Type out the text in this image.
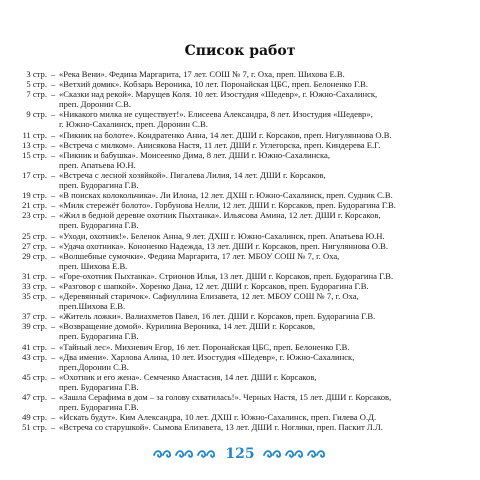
Список работ
3 стр. – «Река Вени». Федина Маргарита, 17 лет. СОШ № 7, г. Оха, преп. Шихова Е.В.
5 стр. – «Ветхий домик». Кобзарь Вероника, 10 лет. Поронайская ЦБС, преп. Белоненко Г.В.
7 стр. – «Сказки над рекой». Марущев Коля. 10 лет. Изостудия «Шедевр», г. Южно-Сахалинск,
преп. Доронин С.В.
9 стр. – «Никакого милка не существует!». Елисеева Александра, 8 лет. Изостудия «Шедевр»,
г. Южно-Сахалинск, преп. Доронин С.В.
11 стр. – «Пикник на болоте». Кондратенко Анна, 14 лет. ДШИ г. Корсаков, преп. Нигуляннова О.В.
13 стр. – «Встреча с милком». Анисякова Настя, 11 лет. ДШИ г. Углегорска, преп. Киндерева Е.Г.
15 стр. – «Пикник и бабушка». Моисеенко Дима, 8 лет. ДШИ г. Южно-Сахалинска,
преп. Апатьева Ю.Н.
17 стр. – «Встреча с лесной хозяйкой». Пигалева Лилия, 14 лет. ДШИ г. Корсаков,
преп. Будорагина Г.В.
19 стр. – «В поисках колокольчика». Ли Илона, 12 лет. ДХШ г. Южно-Сахалинск, преп. Судник С.В.
21 стр. – «Милк стережёт болото». Горбунова Нелли, 12 лет. ДШИ г. Корсаков, преп. Будорагина Г.В.
23 стр. – «Жил в бедной деревне охотник Пыхтанка». Ильясова Амина, 12 лет. ДШИ г. Корсаков,
преп. Будорагина Г.В.
25 стр. – «Уходи, охотник!». Беленок Анна, 9 лет. ДХШ г. Южно-Сахалинск, преп. Апатьева Ю.Н.
27 стр. – «Удача охотника». Кононенко Надежда, 13 лет. ДШИ г. Корсаков, преп. Нигуляннова О.В.
29 стр. – «Волшебные сумочки». Федина Маргарита, 17 лет. МБОУ СОШ № 7, г. Оха,
преп. Шихова Е.В.
31 стр. – «Горе-охотник Пыхтанка». Стрионов Илья, 13 лет. ДШИ г. Корсаков, преп. Будорагина Г.В.
33 стр. – «Разговор с шапкой». Хоренко Дана, 12 лет. ДШИ г. Корсаков, преп. Будорагина Г.В.
35 стр. – «Деревянный старичок». Сафиуллина Елизавета, 12 лет. МБОУ СОШ № 7, г. Оха,
преп.Шихова Е.В.
37 стр. – «Житель ложки». Валиахметов Павел, 16 лет. ДШИ г. Корсаков, преп. Будорагина Г.В.
39 стр. – «Возвращение домой». Курилина Вероника, 14 лет. ДШИ г. Корсаков,
преп. Будорагина Г.В.
41 стр. – «Тайный лес». Михневич Егор, 16 лет. Поронайская ЦБС, преп. Белоненко Г.В.
43 стр. – «Два имени». Харлова Алина, 10 лет. Изостудия «Шедевр», г. Южно-Сахалинск,
преп.Доронин С.В.
45 стр. – «Охотник и его жена». Семченко Анастасия, 14 лет. ДШИ г. Корсаков,
преп. Будорагина Г.В.
47 стр. – «Зашла Серафима в дом – за голову схватилась!». Черных Настя, 15 лет. ДШИ г. Корсаков,
преп. Будорагина Г.В.
49 стр. – «Искать будут». Ким Александра, 10 лет. ДХШ г. Южно-Сахалинск, преп. Гилева О.Д.
51 стр. – «Встреча со старушкой». Сымова Елизавета, 13 лет. ДШИ г. Ноглики, преп. Паскит Л.Л.
125
